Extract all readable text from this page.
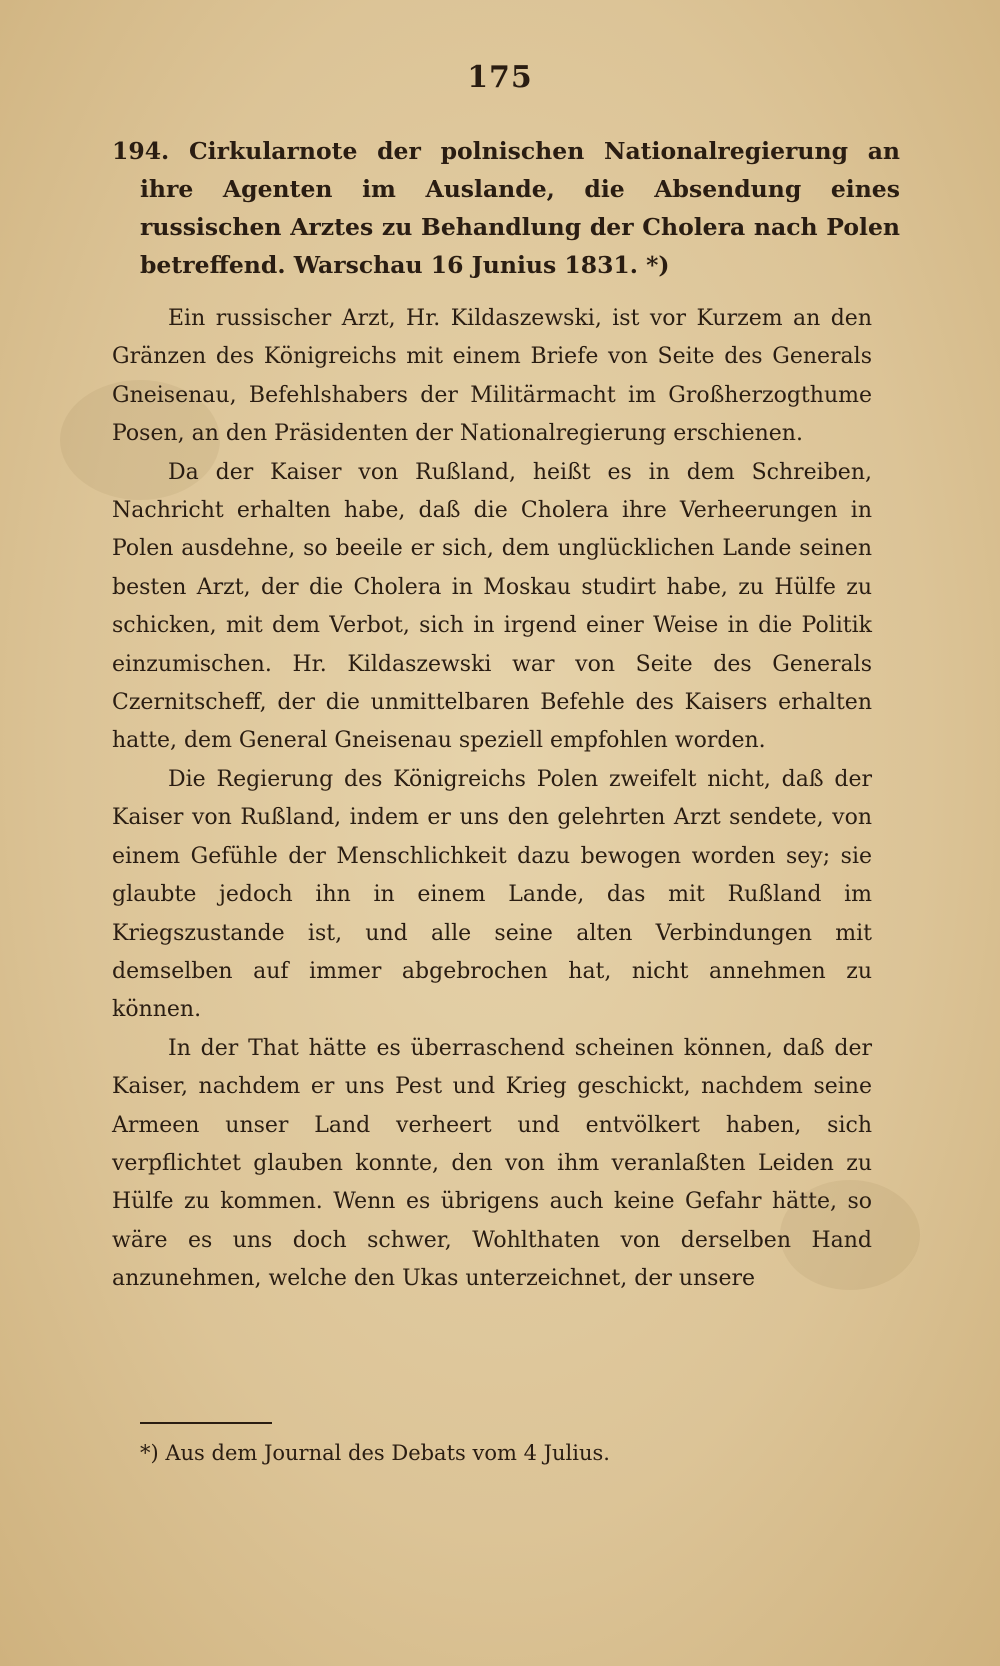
175
194. Cirkularnote der polnischen Nationalregierung an ihre Agenten im Auslande, die Absendung eines russischen Arztes zu Behandlung der Cholera nach Polen betreffend. Warschau 16 Junius 1831. *)

Ein russischer Arzt, Hr. Kildaszewski, ist vor Kurzem an den Gränzen des Königreichs mit einem Briefe von Seite des Generals Gneisenau, Befehlshabers der Militärmacht im Großherzogthume Posen, an den Präsidenten der Nationalregierung erschienen.

Da der Kaiser von Rußland, heißt es in dem Schreiben, Nachricht erhalten habe, daß die Cholera ihre Verheerungen in Polen ausdehne, so beeile er sich, dem unglücklichen Lande seinen besten Arzt, der die Cholera in Moskau studirt habe, zu Hülfe zu schicken, mit dem Verbot, sich in irgend einer Weise in die Politik einzumischen. Hr. Kildaszewski war von Seite des Generals Czernitscheff, der die unmittelbaren Befehle des Kaisers erhalten hatte, dem General Gneisenau speziell empfohlen worden.

Die Regierung des Königreichs Polen zweifelt nicht, daß der Kaiser von Rußland, indem er uns den gelehrten Arzt sendete, von einem Gefühle der Menschlichkeit dazu bewogen worden sey; sie glaubte jedoch ihn in einem Lande, das mit Rußland im Kriegszustande ist, und alle seine alten Verbindungen mit demselben auf immer abgebrochen hat, nicht annehmen zu können.

In der That hätte es überraschend scheinen können, daß der Kaiser, nachdem er uns Pest und Krieg geschickt, nachdem seine Armeen unser Land verheert und entvölkert haben, sich verpflichtet glauben konnte, den von ihm veranlaßten Leiden zu Hülfe zu kommen. Wenn es übrigens auch keine Gefahr hätte, so wäre es uns doch schwer, Wohlthaten von derselben Hand anzunehmen, welche den Ukas unterzeichnet, der unsere

*) Aus dem Journal des Debats vom 4 Julius.
